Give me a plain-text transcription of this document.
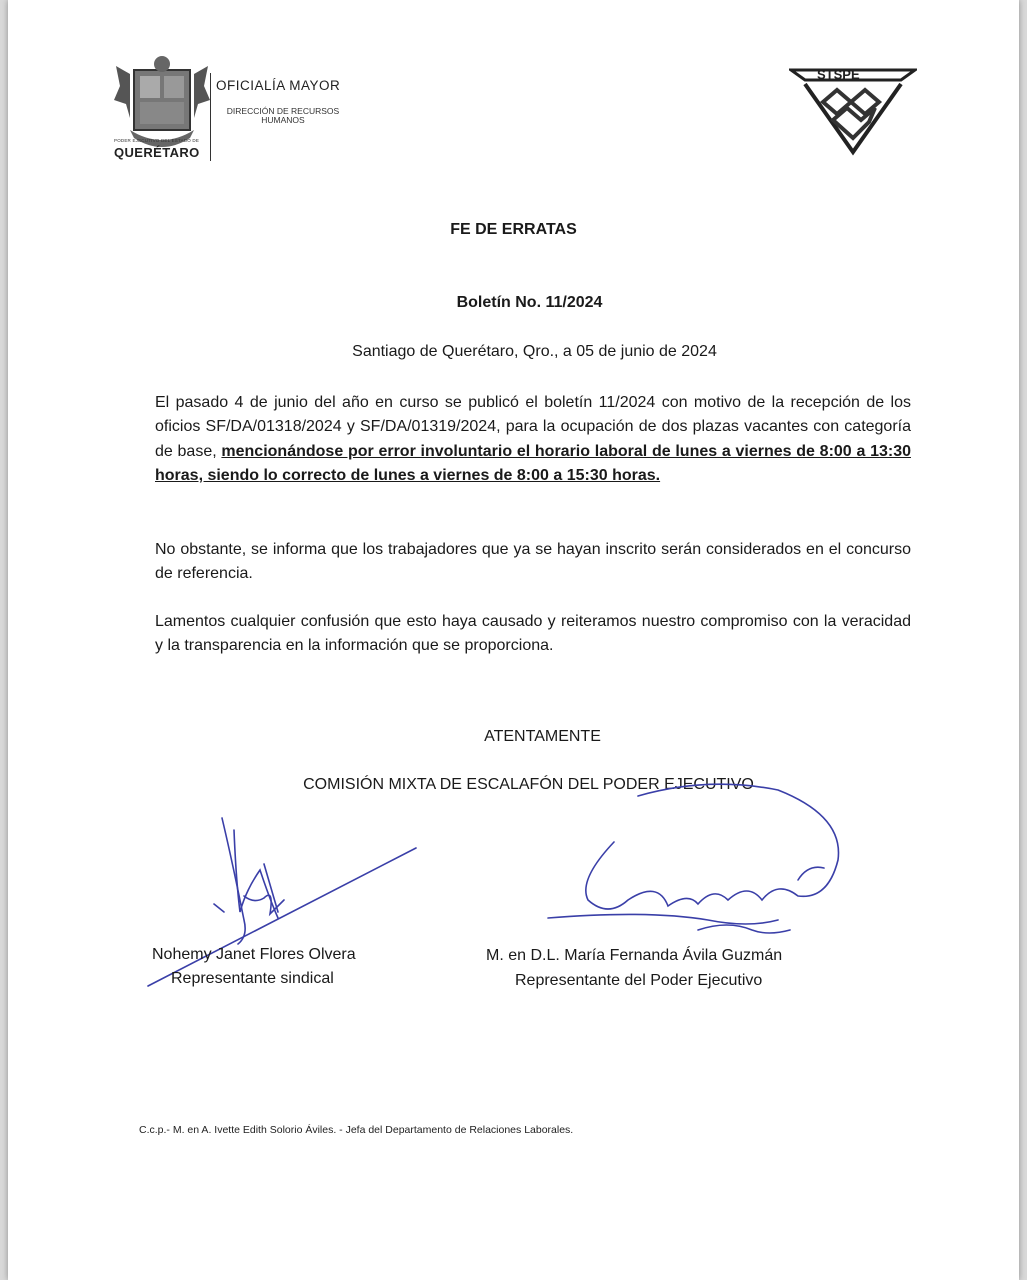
PODER EJECUTIVO DEL ESTADO DE
QUERÉTARO
OFICIALÍA MAYOR
DIRECCIÓN DE RECURSOS HUMANOS
STSPE
FE DE ERRATAS
Boletín No. 11/2024
Santiago de Querétaro, Qro., a 05 de junio de 2024
El pasado 4 de junio del año en curso se publicó el boletín 11/2024 con motivo de la recepción de los oficios SF/DA/01318/2024 y SF/DA/01319/2024, para la ocupación de dos plazas vacantes con categoría de base, mencionándose por error involuntario el horario laboral de lunes a viernes de 8:00 a 13:30 horas, siendo lo correcto de lunes a viernes de 8:00 a 15:30 horas.
No obstante, se informa que los trabajadores que ya se hayan inscrito serán considerados en el concurso de referencia.
Lamentos cualquier confusión que esto haya causado y reiteramos nuestro compromiso con la veracidad y la transparencia en la información que se proporciona.
ATENTAMENTE
COMISIÓN MIXTA DE ESCALAFÓN DEL PODER EJECUTIVO
Nohemy Janet Flores Olvera
Representante sindical
M. en D.L. María Fernanda Ávila Guzmán
Representante del Poder Ejecutivo
C.c.p.- M. en A. Ivette Edith Solorio Áviles. - Jefa del Departamento de Relaciones Laborales.
